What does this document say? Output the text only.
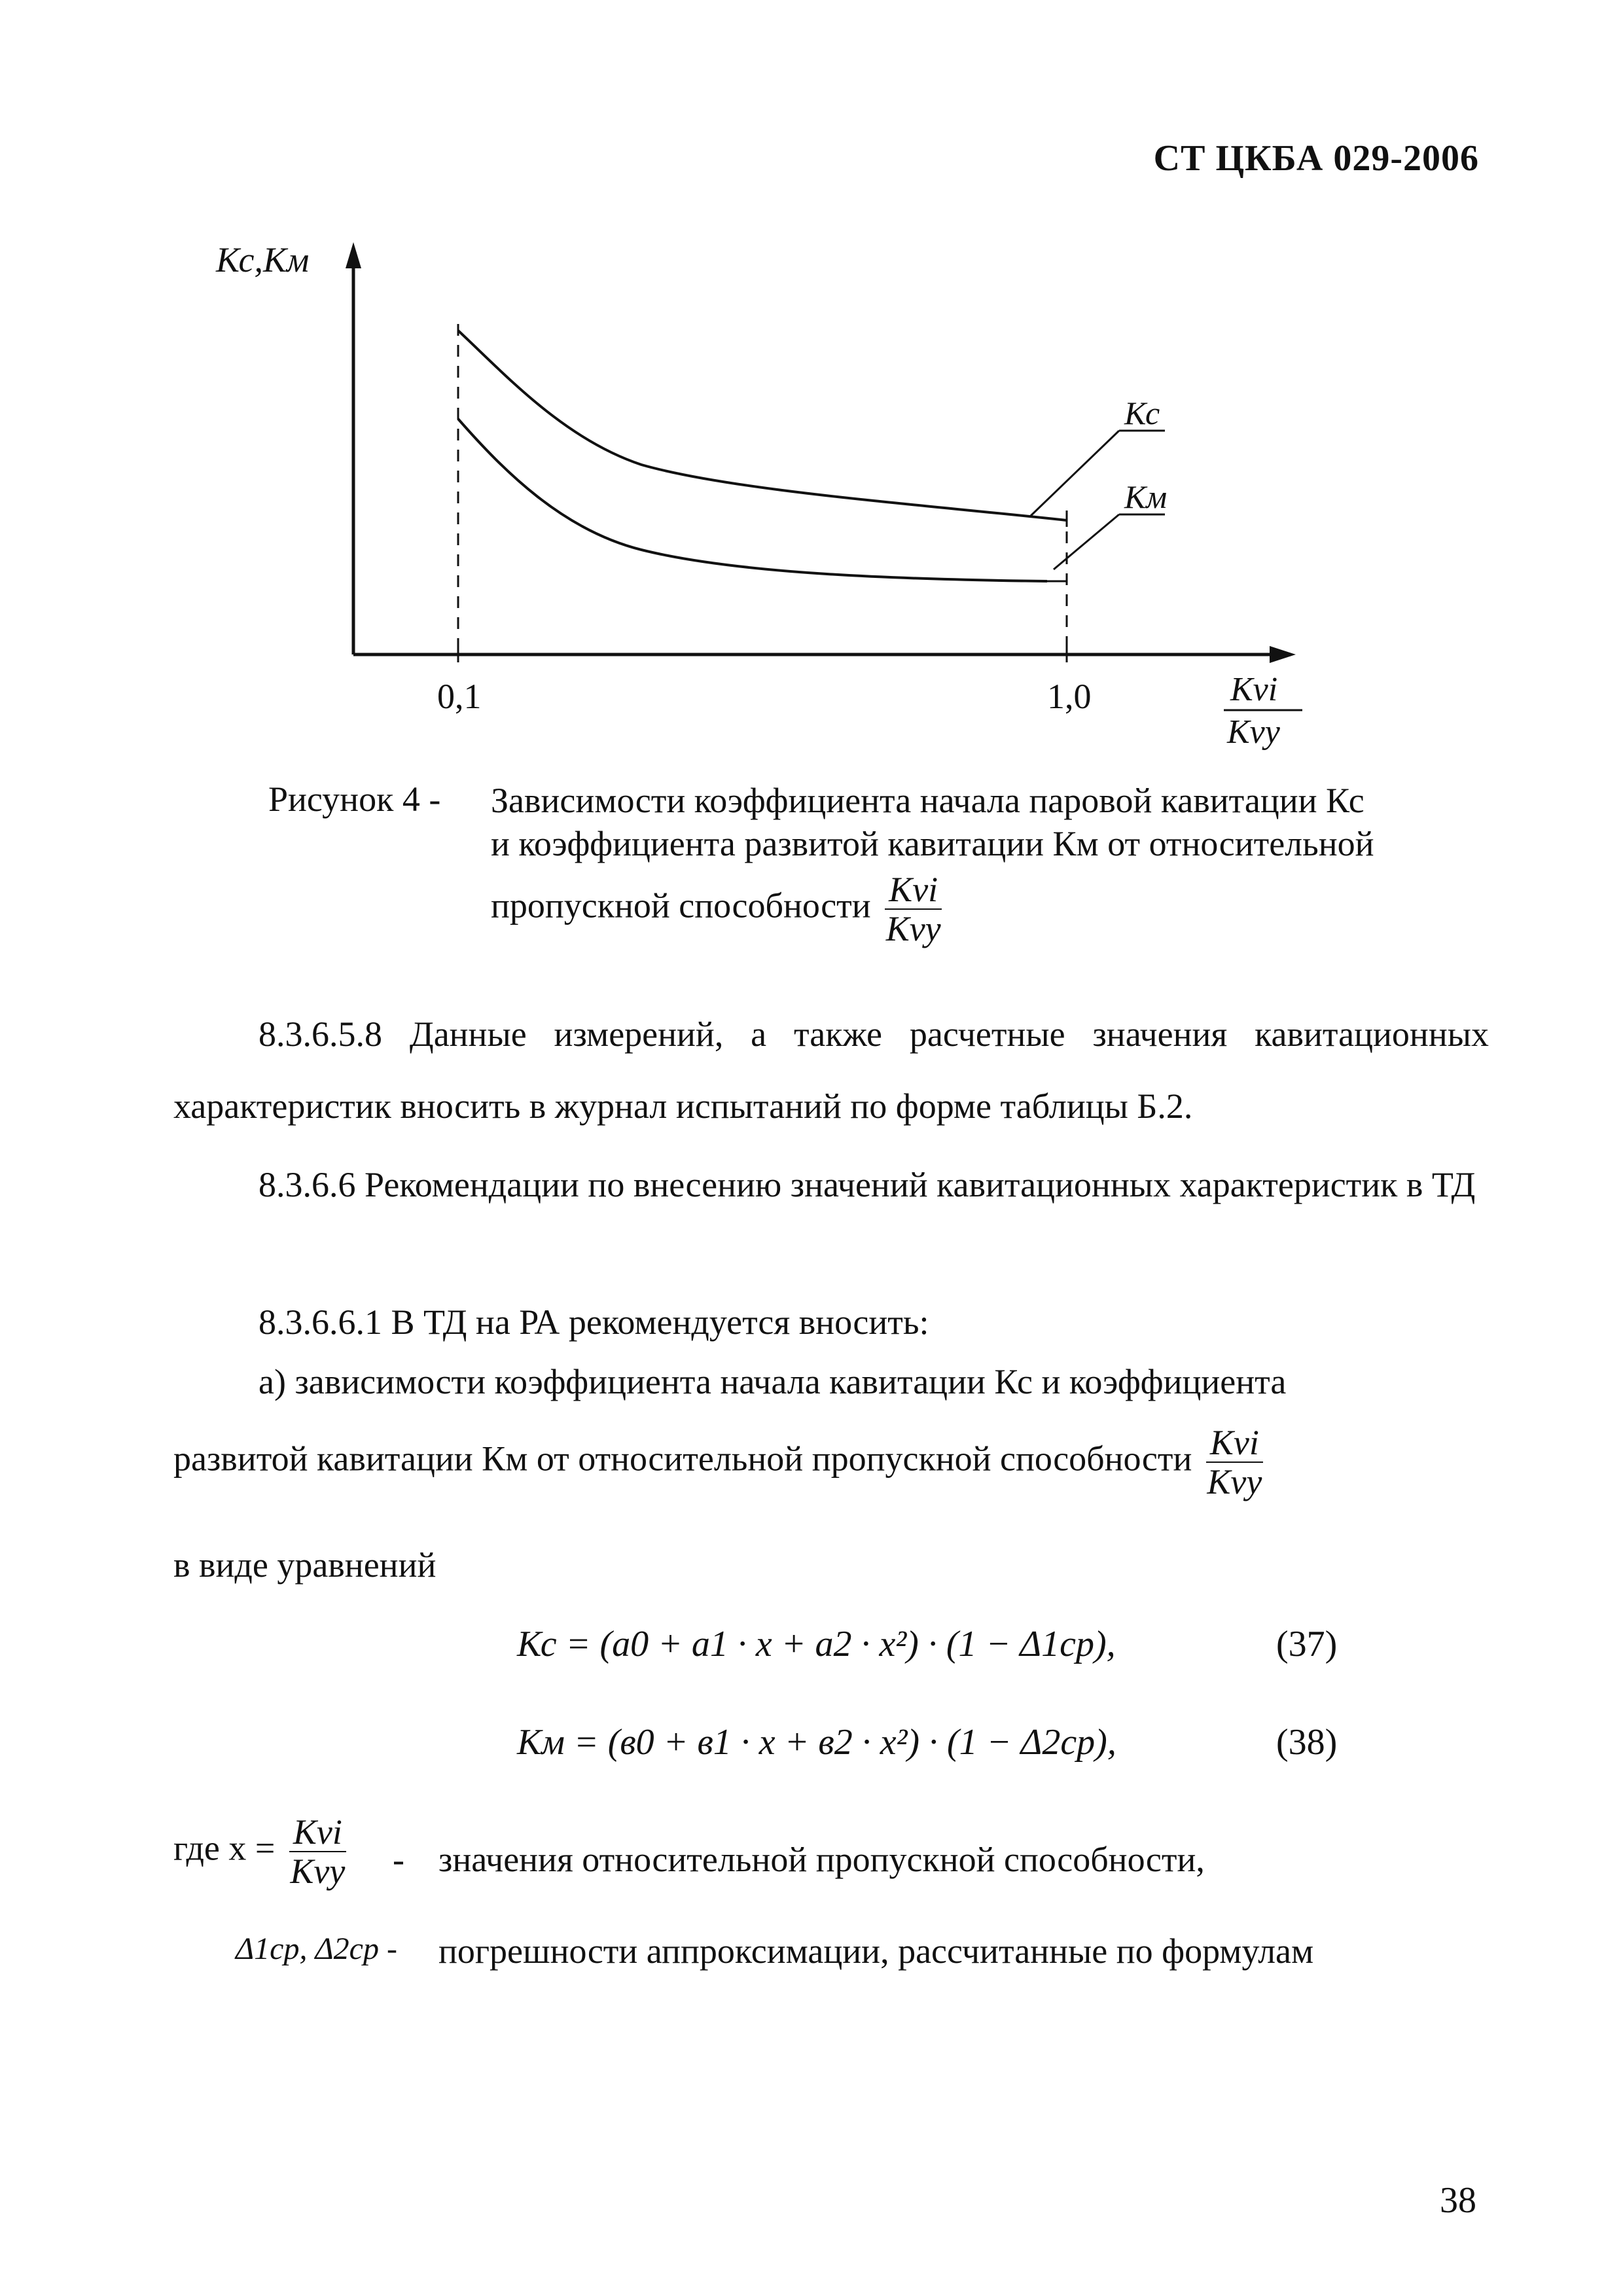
СТ ЦКБА 029-2006
Кс,Км
0,1	1,0
Кс
Км
Kvi
Kvy
Рисунок 4 - Зависимости коэффициента начала паровой кавитации Кс
и коэффициента развитой кавитации Км от относительной
пропускной способности $\frac{\text{Kvi}}{\text{Kvy}}$
8.3.6.5.8 Данные измерений, а также расчетные значения кавитационных характеристик вносить в журнал испытаний по форме таблицы Б.2.
8.3.6.6 Рекомендации по внесению значений кавитационных характеристик в ТД
8.3.6.6.1 В ТД на РА рекомендуется вносить:
а) зависимости коэффициента начала кавитации Кс и коэффициента
развитой кавитации Км от относительной пропускной способности $\frac{\text{Kvi}}{\text{Kvy}}$
в виде уравнений
Кс = (a0 + a1 · x + a2 · x²) · (1 − Δ1ср),	(37)
Км = (в0 + в1 · x + в2 · x²) · (1 − Δ2ср),	(38)
где $x = \frac{\text{Kvi}}{\text{Kvy}}$ - значения относительной пропускной способности,
Δ1ср, Δ2ср - погрешности аппроксимации, рассчитанные по формулам
38
